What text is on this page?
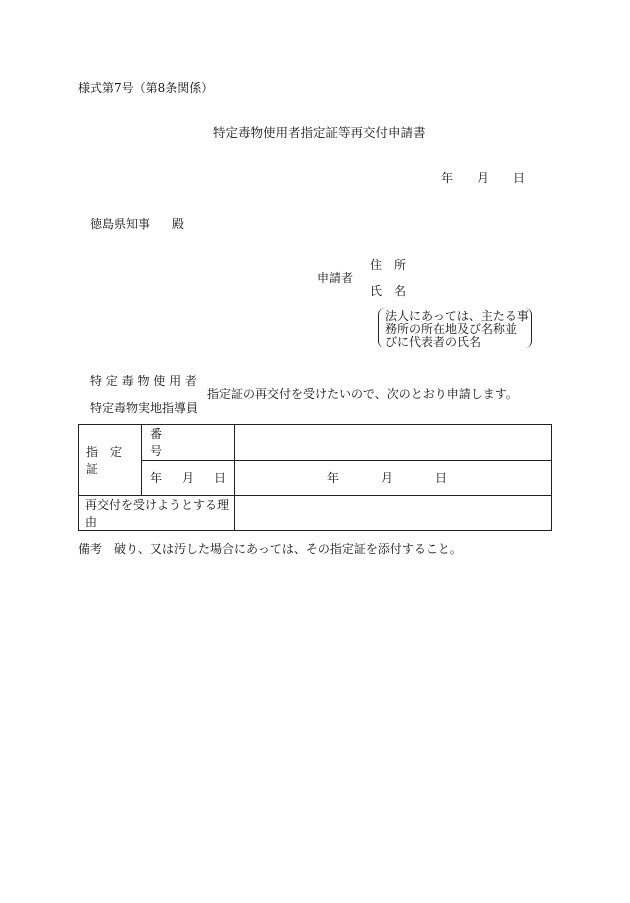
様式第7号（第8条関係）
特定毒物使用者指定証等再交付申請書
年 月 日
徳島県知事 殿
申請者
住　所
氏　名
法人にあっては、主たる事
務所の所在地及び名称並
びに代表者の氏名
特 定 毒 物 使 用 者
特定毒物実地指導員
指定証の再交付を受けたいので、次のとおり申請します。
指　定　証	番　　　　　　号	

	年 月 日	年 月 日

再交付を受けようとする理由		

備考　破り、又は汚した場合にあっては、その指定証を添付すること。
